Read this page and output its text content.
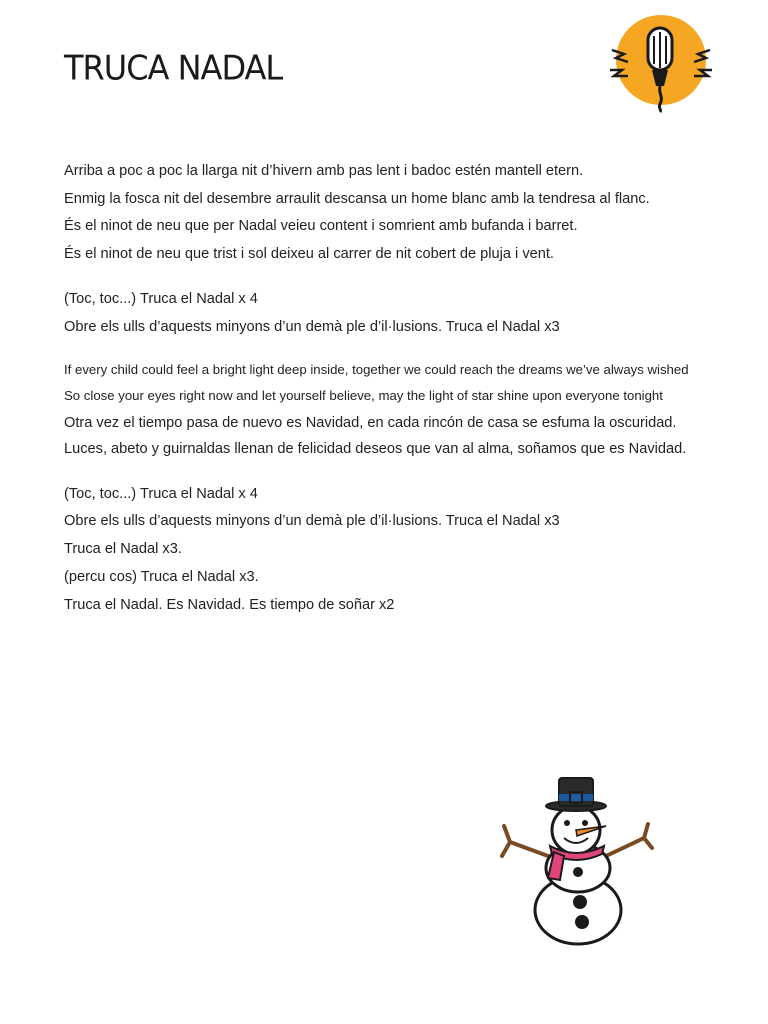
TRUCA NADAL

Arriba a poc a poc la llarga nit d’hivern amb pas lent i badoc estén mantell etern.

Enmig la fosca nit del desembre arraulit descansa un home blanc amb la tendresa al flanc.

És el ninot de neu que per Nadal veieu content i somrient amb bufanda i barret.

És el ninot de neu que trist i sol deixeu al carrer de nit cobert de pluja i vent.

(Toc, toc...) Truca el Nadal x 4

Obre els ulls d’aquests minyons d’un demà ple d’il·lusions. Truca el Nadal x3

If every child could feel a bright light deep inside, together we could reach the dreams we’ve always wished

So close your eyes right now and let yourself believe, may the light of star shine upon everyone tonight

Otra vez el tiempo pasa de nuevo es Navidad, en cada rincón de casa se esfuma la oscuridad.

Luces, abeto y guirnaldas llenan de felicidad deseos que van al alma, soñamos que es Navidad.

(Toc, toc...) Truca el Nadal x 4

Obre els ulls d’aquests minyons d’un demà ple d’il·lusions. Truca el Nadal x3

Truca el Nadal x3.

(percu cos) Truca el Nadal x3.

Truca el Nadal. Es Navidad. Es tiempo de soñar x2
